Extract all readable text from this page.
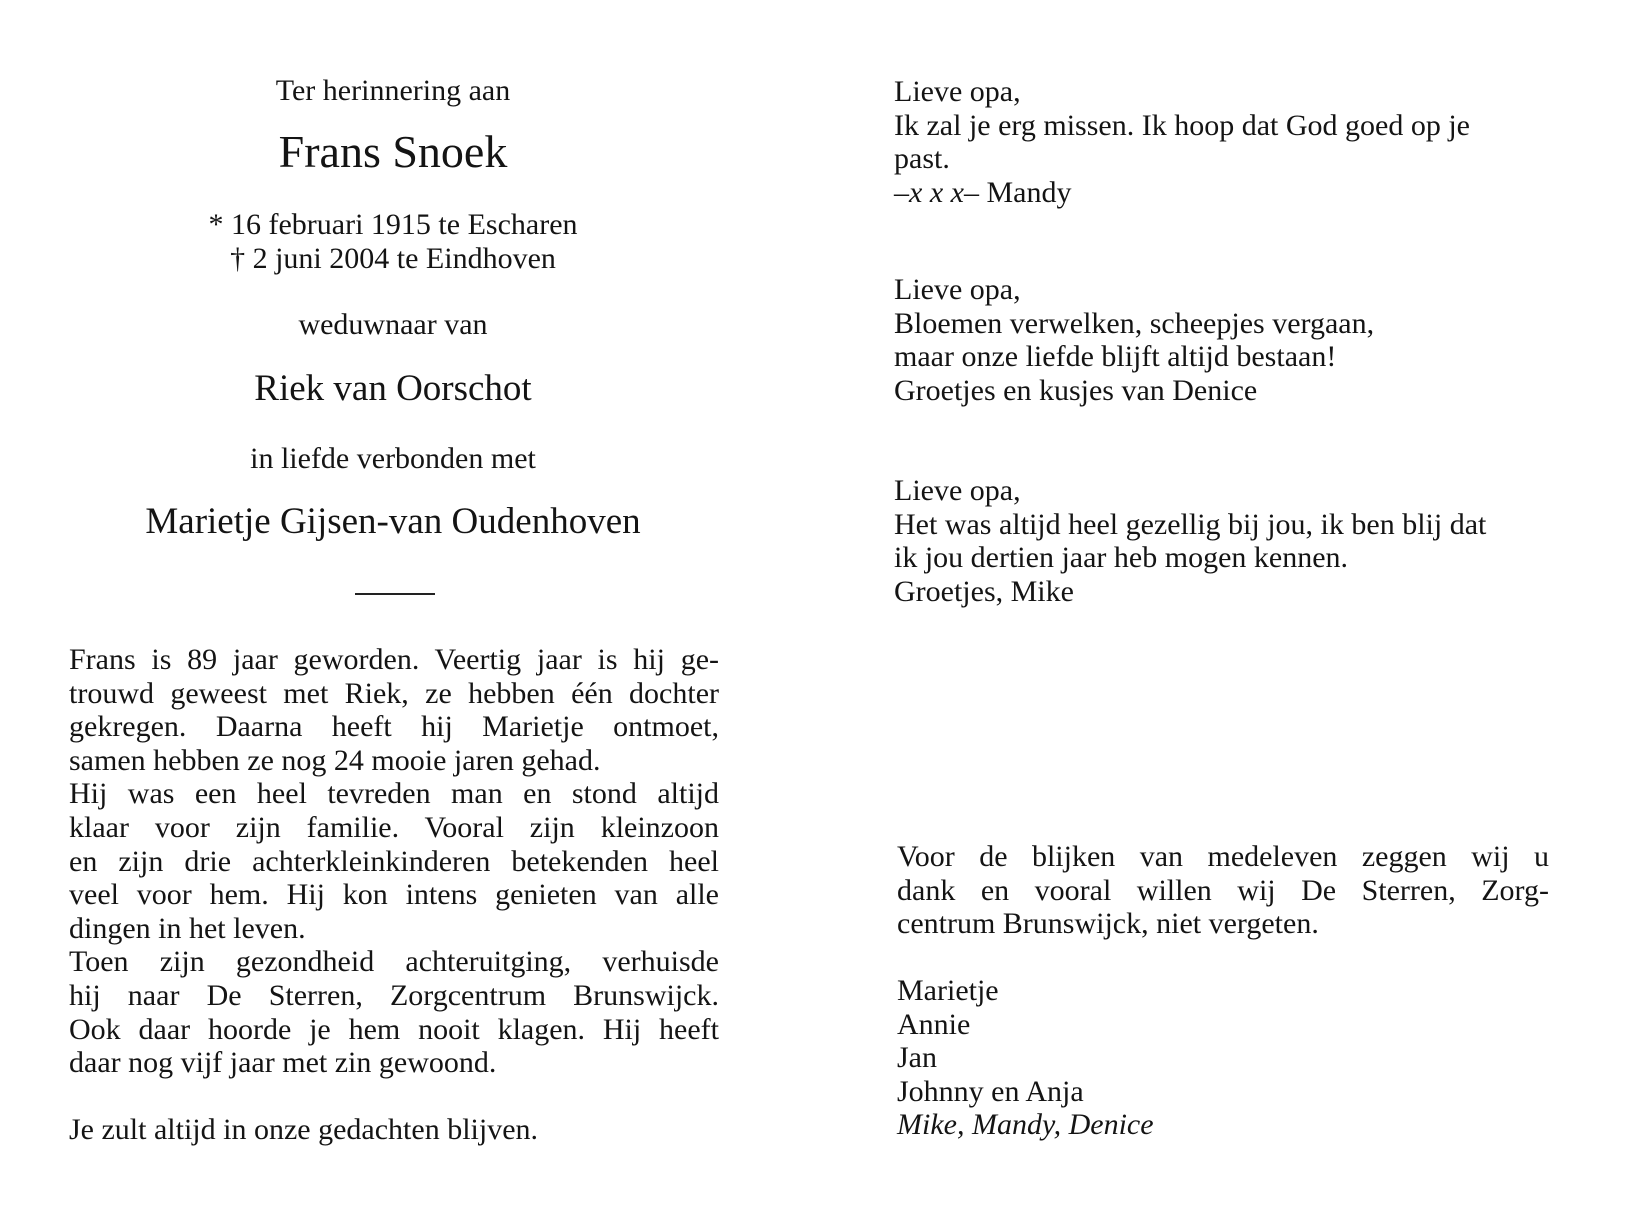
Ter herinnering aan
Frans Snoek
* 16 februari 1915 te Escharen
† 2 juni 2004 te Eindhoven
weduwnaar van
Riek van Oorschot
in liefde verbonden met
Marietje Gijsen-van Oudenhoven
Frans is 89 jaar geworden. Veertig jaar is hij ge-
trouwd geweest met Riek, ze hebben één dochter
gekregen. Daarna heeft hij Marietje ontmoet,
samen hebben ze nog 24 mooie jaren gehad.
Hij was een heel tevreden man en stond altijd
klaar voor zijn familie. Vooral zijn kleinzoon
en zijn drie achterkleinkinderen betekenden heel
veel voor hem. Hij kon intens genieten van alle
dingen in het leven.
Toen zijn gezondheid achteruitging, verhuisde
hij naar De Sterren, Zorgcentrum Brunswijck.
Ook daar hoorde je hem nooit klagen. Hij heeft
daar nog vijf jaar met zin gewoond.
Je zult altijd in onze gedachten blijven.
Lieve opa,
Ik zal je erg missen. Ik hoop dat God goed op je
past.
–x x x– Mandy
Lieve opa,
Bloemen verwelken, scheepjes vergaan,
maar onze liefde blijft altijd bestaan!
Groetjes en kusjes van Denice
Lieve opa,
Het was altijd heel gezellig bij jou, ik ben blij dat
ik jou dertien jaar heb mogen kennen.
Groetjes, Mike
Voor de blijken van medeleven zeggen wij u
dank en vooral willen wij De Sterren, Zorg-
centrum Brunswijck, niet vergeten.
Marietje
Annie
Jan
Johnny en Anja
Mike, Mandy, Denice
